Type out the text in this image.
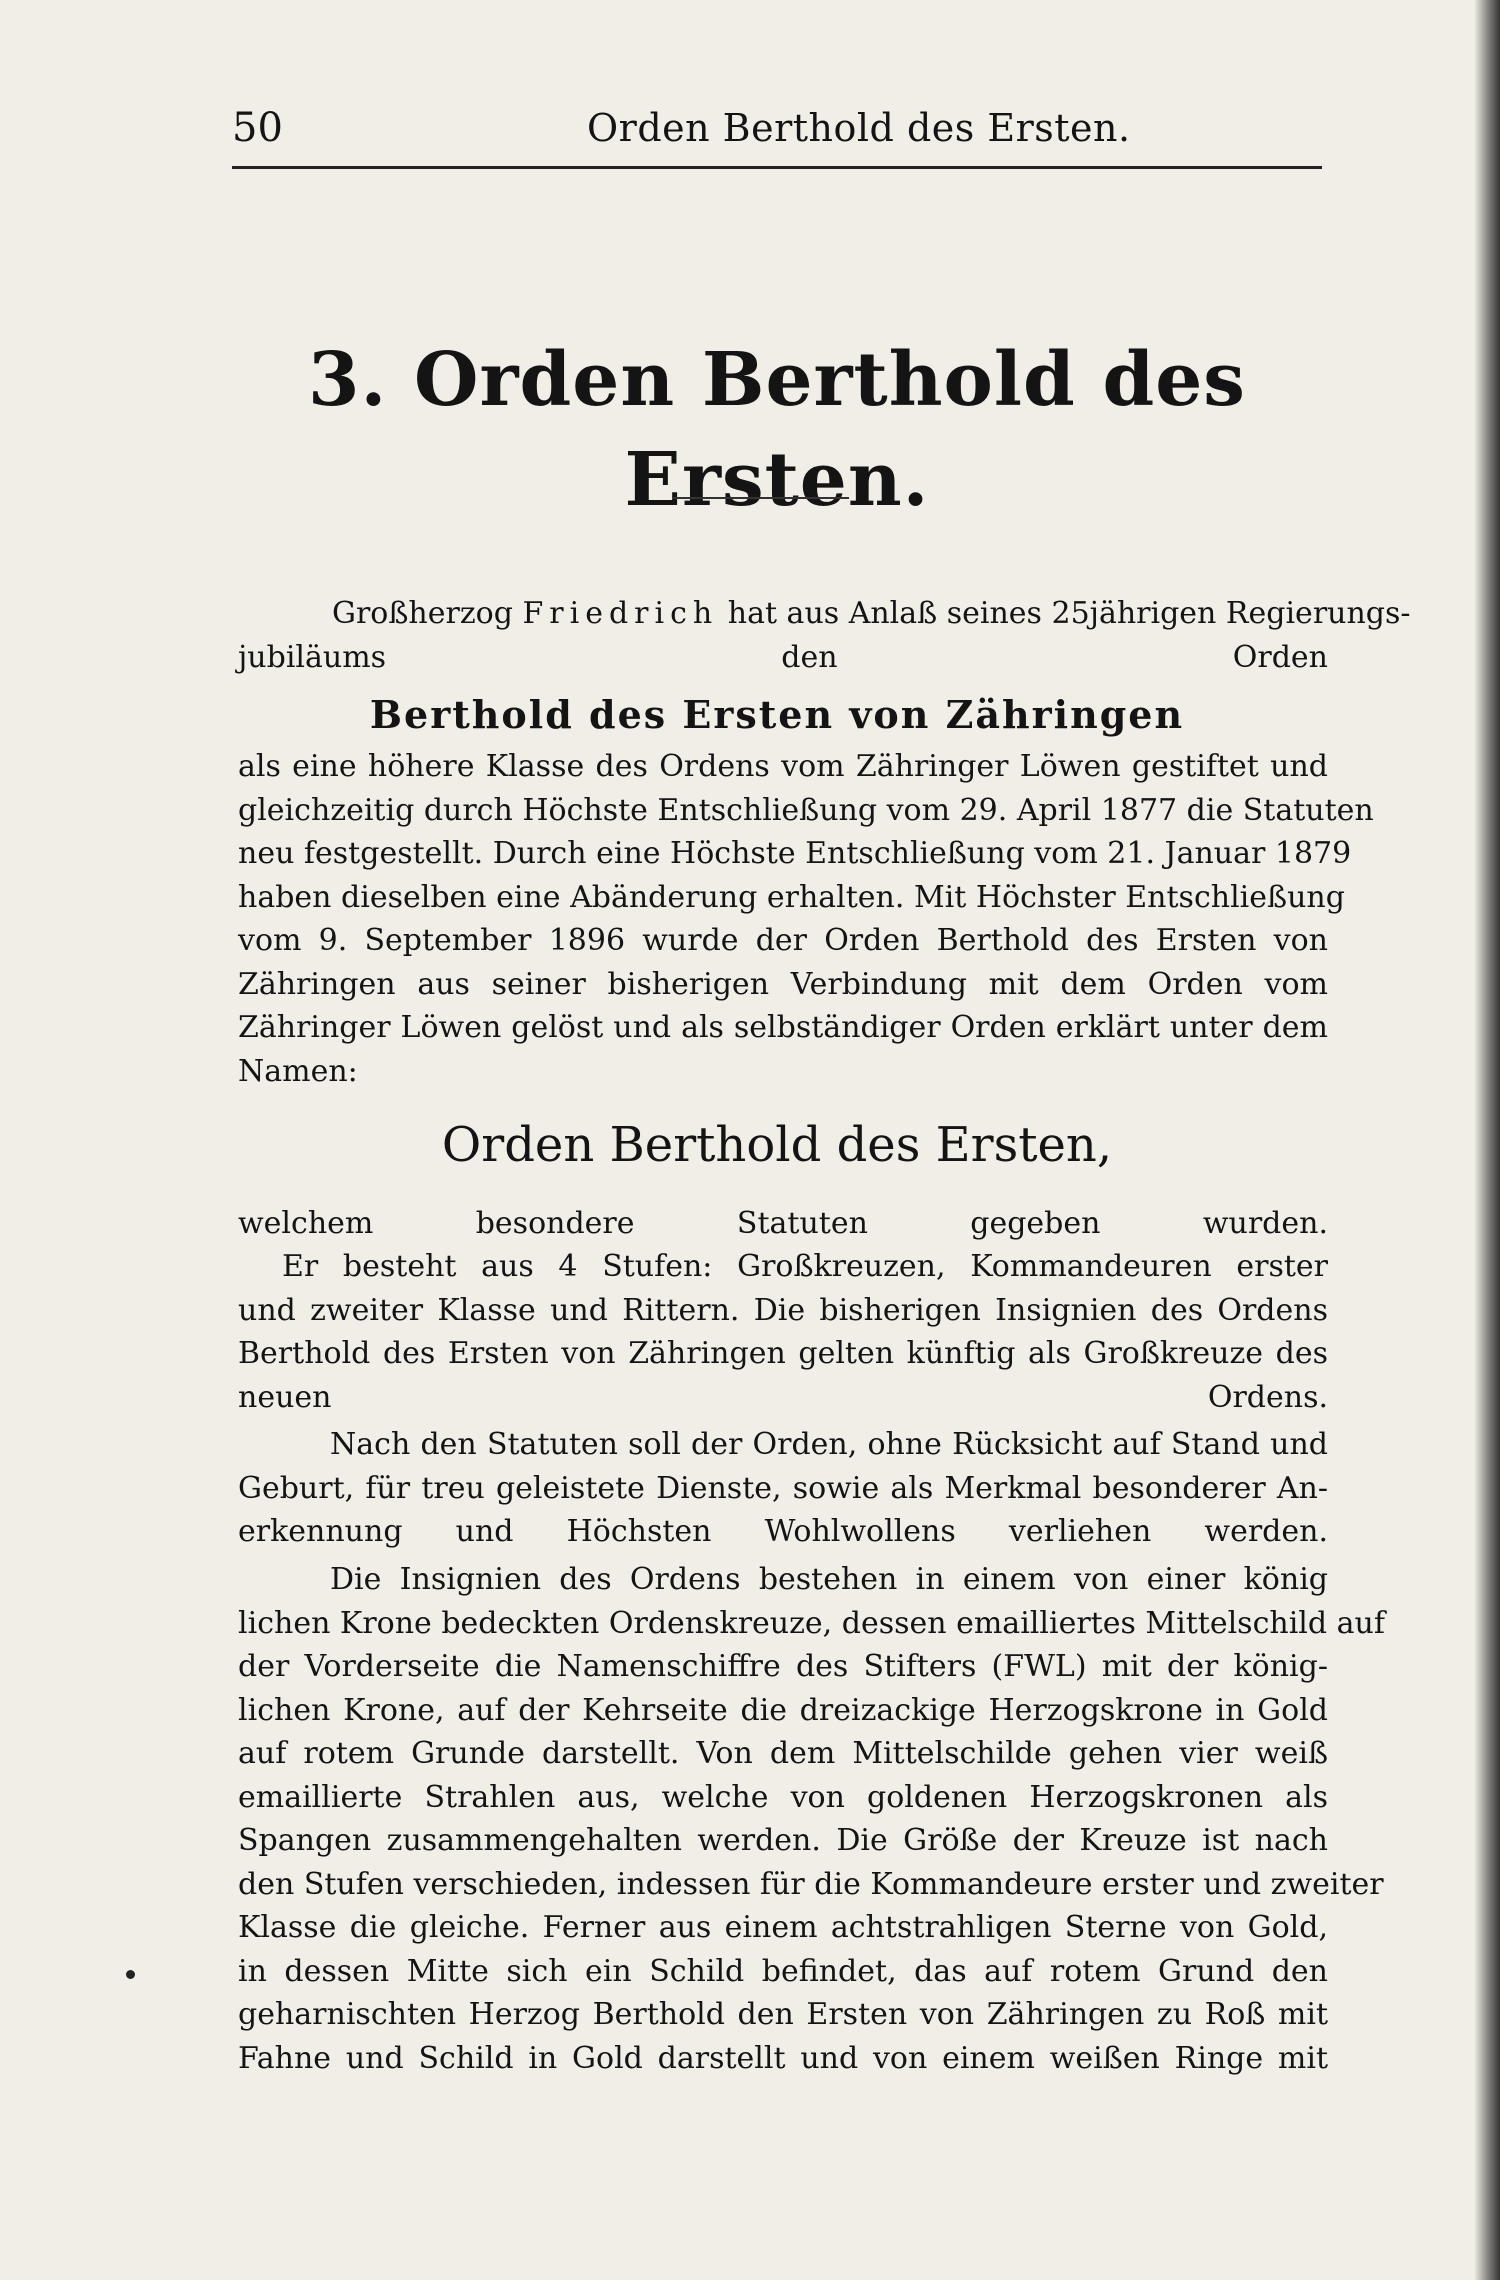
50	Orden Berthold des Ersten.
3. Orden Berthold des Ersten.
Großherzog Friedrich hat aus Anlaß seines 25jährigen Regierungs-
jubiläums den Orden
Berthold des Ersten von Zähringen
als eine höhere Klasse des Ordens vom Zähringer Löwen gestiftet und
gleichzeitig durch Höchste Entschließung vom 29. April 1877 die Statuten
neu festgestellt. Durch eine Höchste Entschließung vom 21. Januar 1879
haben dieselben eine Abänderung erhalten. Mit Höchster Entschließung
vom 9. September 1896 wurde der Orden Berthold des Ersten von
Zähringen aus seiner bisherigen Verbindung mit dem Orden vom
Zähringer Löwen gelöst und als selbständiger Orden erklärt unter dem
Namen:
Orden Berthold des Ersten,
welchem besondere Statuten gegeben wurden.
Er besteht aus 4 Stufen: Großkreuzen, Kommandeuren erster
und zweiter Klasse und Rittern. Die bisherigen Insignien des Ordens
Berthold des Ersten von Zähringen gelten künftig als Großkreuze des
neuen Ordens.
Nach den Statuten soll der Orden, ohne Rücksicht auf Stand und
Geburt, für treu geleistete Dienste, sowie als Merkmal besonderer An-
erkennung und Höchsten Wohlwollens verliehen werden.
Die Insignien des Ordens bestehen in einem von einer könig
lichen Krone bedeckten Ordenskreuze, dessen emailliertes Mittelschild auf
der Vorderseite die Namenschiffre des Stifters (FWL) mit der könig-
lichen Krone, auf der Kehrseite die dreizackige Herzogskrone in Gold
auf rotem Grunde darstellt. Von dem Mittelschilde gehen vier weiß
emaillierte Strahlen aus, welche von goldenen Herzogskronen als
Spangen zusammengehalten werden. Die Größe der Kreuze ist nach
den Stufen verschieden, indessen für die Kommandeure erster und zweiter
Klasse die gleiche. Ferner aus einem achtstrahligen Sterne von Gold,
in dessen Mitte sich ein Schild befindet, das auf rotem Grund den
geharnischten Herzog Berthold den Ersten von Zähringen zu Roß mit
Fahne und Schild in Gold darstellt und von einem weißen Ringe mit
